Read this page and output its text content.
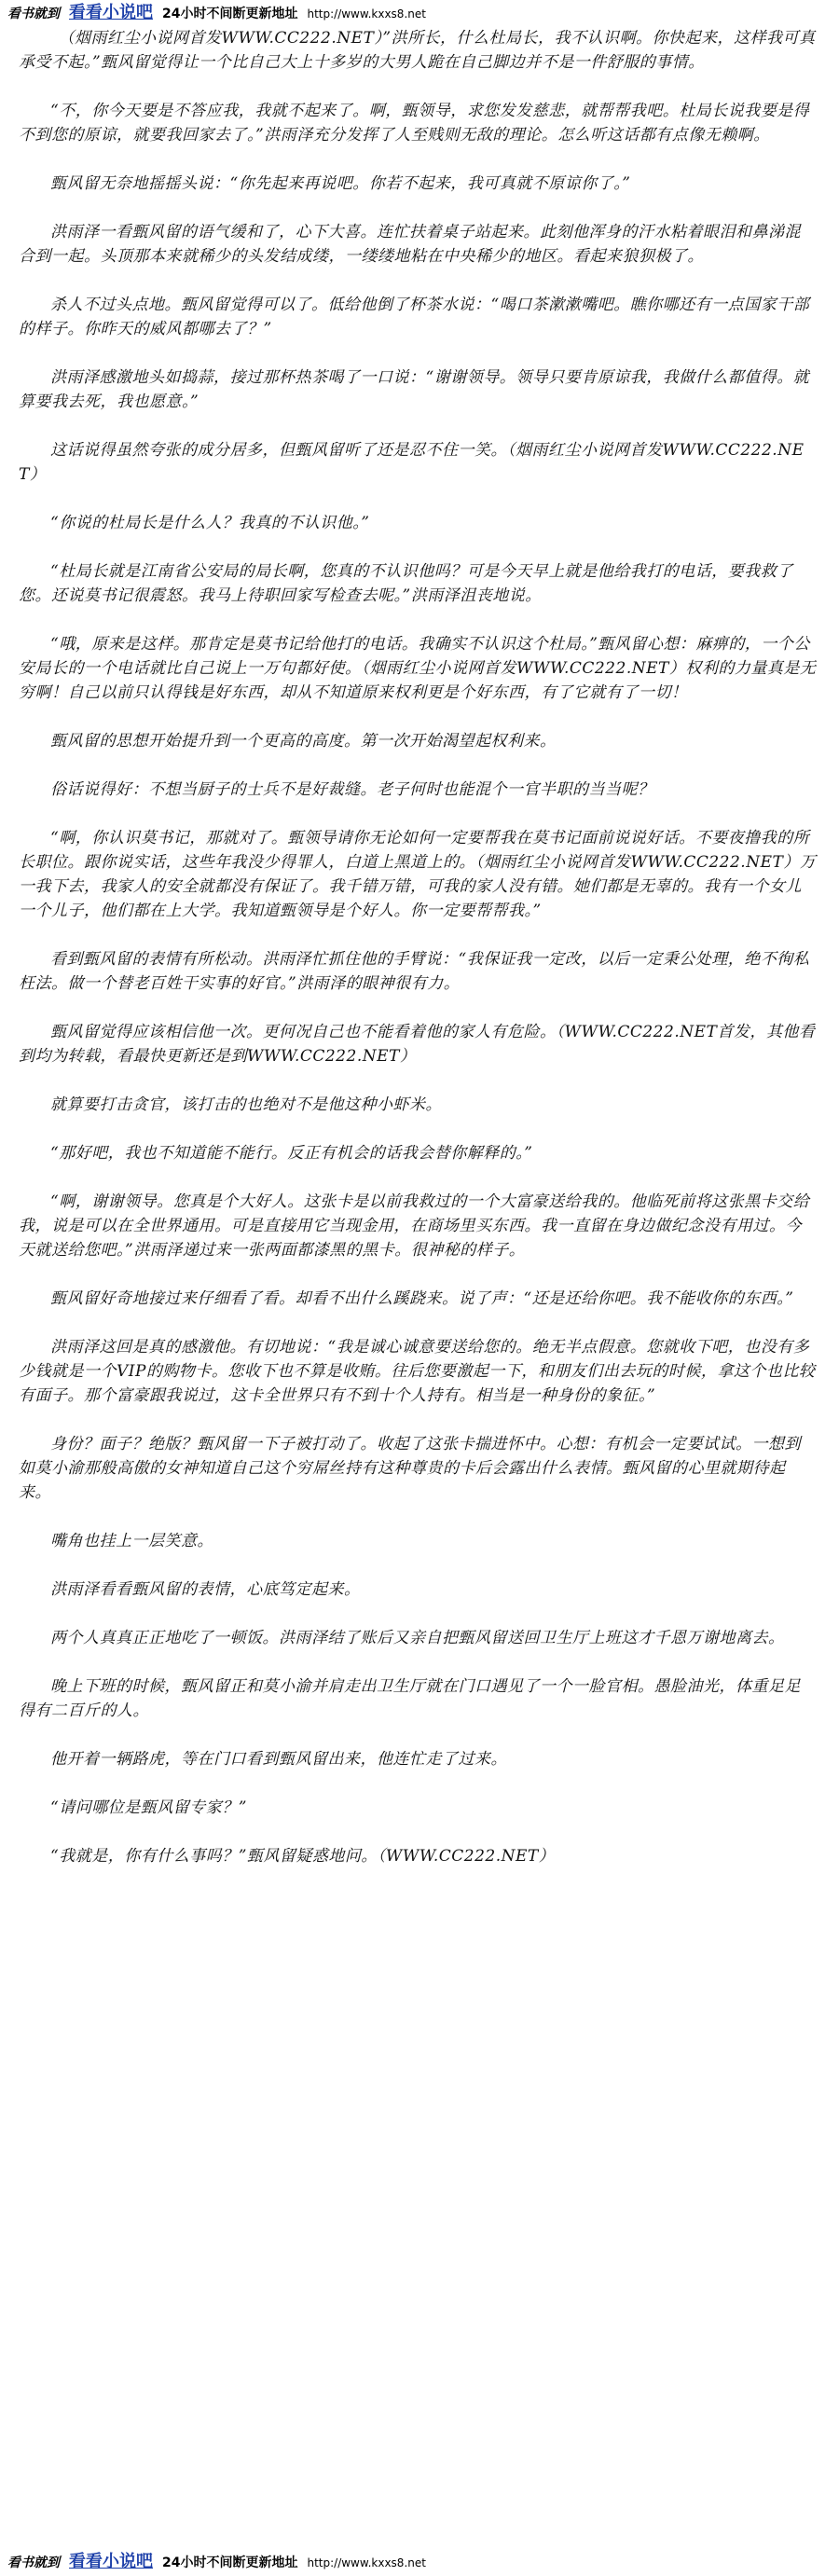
看书就到 看看小说吧 24小时不间断更新地址 http://www.kxxs8.net

（烟雨红尘小说网首发WWW.CC222.NET）”洪所长，什么杜局长，我不认识啊。你快起来，这样我可真承受不起。”甄风留觉得让一个比自己大上十多岁的大男人跪在自己脚边并不是一件舒服的事情。

“不，你今天要是不答应我，我就不起来了。啊，甄领导，求您发发慈悲，就帮帮我吧。杜局长说我要是得不到您的原谅，就要我回家去了。”洪雨泽充分发挥了人至贱则无敌的理论。怎么听这话都有点像无赖啊。

甄风留无奈地摇摇头说：“你先起来再说吧。你若不起来，我可真就不原谅你了。”

洪雨泽一看甄风留的语气缓和了，心下大喜。连忙扶着桌子站起来。此刻他浑身的汗水粘着眼泪和鼻涕混合到一起。头顶那本来就稀少的头发结成缕，一缕缕地粘在中央稀少的地区。看起来狼狈极了。

杀人不过头点地。甄风留觉得可以了。低给他倒了杯茶水说：“喝口茶漱漱嘴吧。瞧你哪还有一点国家干部的样子。你昨天的威风都哪去了？”

洪雨泽感激地头如捣蒜，接过那杯热茶喝了一口说：“谢谢领导。领导只要肯原谅我，我做什么都值得。就算要我去死，我也愿意。”

这话说得虽然夸张的成分居多，但甄风留听了还是忍不住一笑。（烟雨红尘小说网首发WWW.CC222.NET）

“你说的杜局长是什么人？我真的不认识他。”

“杜局长就是江南省公安局的局长啊，您真的不认识他吗？可是今天早上就是他给我打的电话，要我救了您。还说莫书记很震怒。我马上待职回家写检查去呢。”洪雨泽沮丧地说。

“哦，原来是这样。那肯定是莫书记给他打的电话。我确实不认识这个杜局。”甄风留心想：麻痹的，一个公安局长的一个电话就比自己说上一万句都好使。（烟雨红尘小说网首发WWW.CC222.NET）权利的力量真是无穷啊！自己以前只认得钱是好东西，却从不知道原来权利更是个好东西，有了它就有了一切！

甄风留的思想开始提升到一个更高的高度。第一次开始渴望起权利来。

俗话说得好：不想当厨子的士兵不是好裁缝。老子何时也能混个一官半职的当当呢？

“啊，你认识莫书记，那就对了。甄领导请你无论如何一定要帮我在莫书记面前说说好话。不要夜撸我的所长职位。跟你说实话，这些年我没少得罪人，白道上黑道上的。（烟雨红尘小说网首发WWW.CC222.NET）万一我下去，我家人的安全就都没有保证了。我千错万错，可我的家人没有错。她们都是无辜的。我有一个女儿一个儿子，他们都在上大学。我知道甄领导是个好人。你一定要帮帮我。”

看到甄风留的表情有所松动。洪雨泽忙抓住他的手臂说：“我保证我一定改，以后一定秉公处理，绝不徇私枉法。做一个替老百姓干实事的好官。”洪雨泽的眼神很有力。

甄风留觉得应该相信他一次。更何况自己也不能看着他的家人有危险。（WWW.CC222.NET首发，其他看到均为转载，看最快更新还是到WWW.CC222.NET）

就算要打击贪官，该打击的也绝对不是他这种小虾米。

“那好吧，我也不知道能不能行。反正有机会的话我会替你解释的。”

“啊，谢谢领导。您真是个大好人。这张卡是以前我救过的一个大富豪送给我的。他临死前将这张黑卡交给我，说是可以在全世界通用。可是直接用它当现金用，在商场里买东西。我一直留在身边做纪念没有用过。今天就送给您吧。”洪雨泽递过来一张两面都漆黑的黑卡。很神秘的样子。

甄风留好奇地接过来仔细看了看。却看不出什么蹊跷来。说了声：“还是还给你吧。我不能收你的东西。”

洪雨泽这回是真的感激他。有切地说：“我是诚心诚意要送给您的。绝无半点假意。您就收下吧，也没有多少钱就是一个VIP的购物卡。您收下也不算是收贿。往后您要激起一下，和朋友们出去玩的时候，拿这个也比较有面子。那个富豪跟我说过，这卡全世界只有不到十个人持有。相当是一种身份的象征。”

身份？面子？绝版？甄风留一下子被打动了。收起了这张卡揣进怀中。心想：有机会一定要试试。一想到如莫小渝那般高傲的女神知道自己这个穷屌丝持有这种尊贵的卡后会露出什么表情。甄风留的心里就期待起来。

嘴角也挂上一层笑意。

洪雨泽看看甄风留的表情，心底笃定起来。

两个人真真正正地吃了一顿饭。洪雨泽结了账后又亲自把甄风留送回卫生厅上班这才千恩万谢地离去。

晚上下班的时候，甄风留正和莫小渝并肩走出卫生厅就在门口遇见了一个一脸官相。愚脸油光，体重足足得有二百斤的人。

他开着一辆路虎，等在门口看到甄风留出来，他连忙走了过来。

“请问哪位是甄风留专家？”

“我就是，你有什么事吗？”甄风留疑惑地问。（WWW.CC222.NET）

看书就到 看看小说吧 24小时不间断更新地址 http://www.kxxs8.net
